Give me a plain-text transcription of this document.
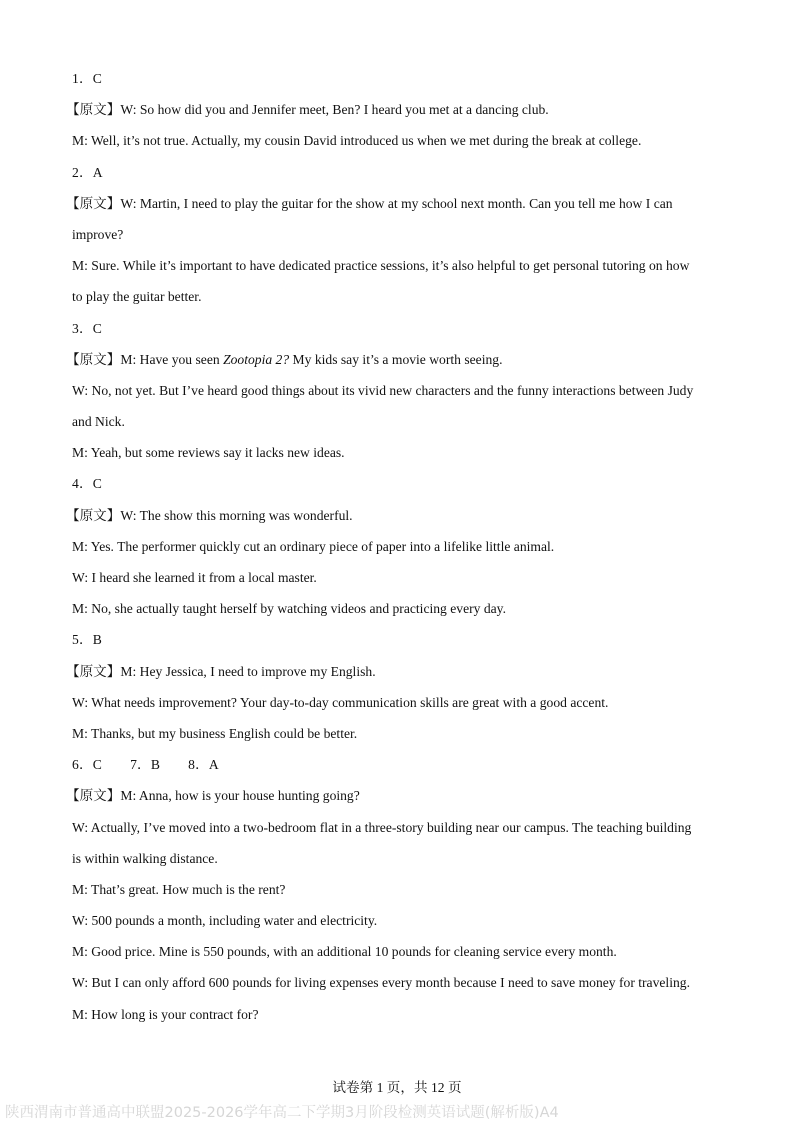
1．C
【原文】W: So how did you and Jennifer meet, Ben? I heard you met at a dancing club.
M: Well, it’s not true. Actually, my cousin David introduced us when we met during the break at college.
2．A
【原文】W: Martin, I need to play the guitar for the show at my school next month. Can you tell me how I can
improve?
M: Sure. While it’s important to have dedicated practice sessions, it’s also helpful to get personal tutoring on how
to play the guitar better.
3．C
【原文】M: Have you seen Zootopia 2? My kids say it’s a movie worth seeing.
W: No, not yet. But I’ve heard good things about its vivid new characters and the funny interactions between Judy
and Nick.
M: Yeah, but some reviews say it lacks new ideas.
4．C
【原文】W: The show this morning was wonderful.
M: Yes. The performer quickly cut an ordinary piece of paper into a lifelike little animal.
W: I heard she learned it from a local master.
M: No, she actually taught herself by watching videos and practicing every day.
5．B
【原文】M: Hey Jessica, I need to improve my English.
W: What needs improvement? Your day-to-day communication skills are great with a good accent.
M: Thanks, but my business English could be better.
6．C 7．B 8．A
【原文】M: Anna, how is your house hunting going?
W: Actually, I’ve moved into a two-bedroom flat in a three-story building near our campus. The teaching building
is within walking distance.
M: That’s great. How much is the rent?
W: 500 pounds a month, including water and electricity.
M: Good price. Mine is 550 pounds, with an additional 10 pounds for cleaning service every month.
W: But I can only afford 600 pounds for living expenses every month because I need to save money for traveling.
M: How long is your contract for?
试卷第 1 页，共 12 页
陕西渭南市普通高中联盟2025-2026学年高二下学期3月阶段检测英语试题(解析版)A4
